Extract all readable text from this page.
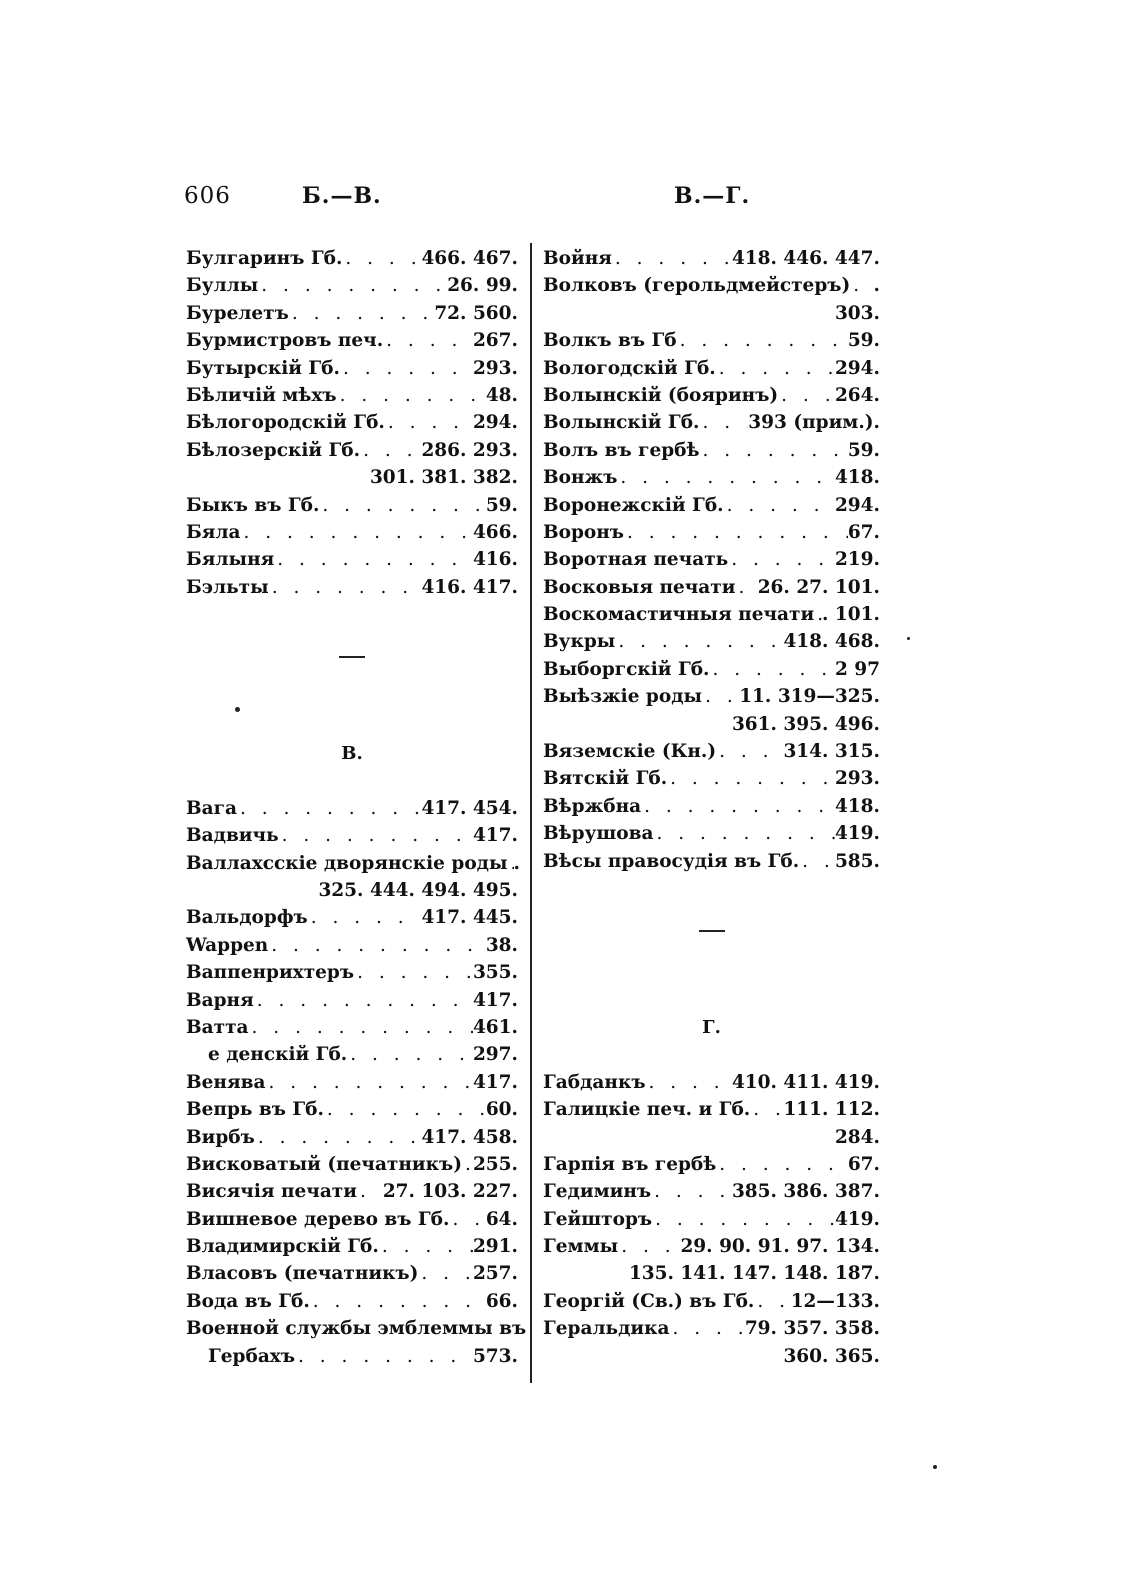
606	Б.—В.	В.—Г.
Булгаринъ Гб. . . .	466. 467.
Буллы . . .	26. 99.
Бурелетъ . . .	72. 560.
Бурмистровъ печ. . . .	267.
Бутырскій Гб. . . .	293.
Бѣличій мѣхъ . . .	48.
Бѣлогородскій Гб. . . .	294.
Бѣлозерскій Гб. . . .	286. 293.
301. 381. 382.
Быкъ въ Гб. . . .	59.
Бяла . . .	466.
Бялыня . . .	416.
Бэльты . . .	416. 417.
В.
Вага . . .	417. 454.
Вадвичь . . .	417.
Валлахсскіе дворянскіе роды . . . .
325. 444. 494. 495.
Вальдорфъ . . .	417. 445.
Wappen . . .	38.
Ваппенрихтеръ . . .	355.
Варня . . .	417.
Ватта . . .	461.
е денскій Гб. . . .	297.
Венява . . .	417.
Вепрь въ Гб. . . .	60.
Вирбъ . . .	417. 458.
Висковатый (печатникъ) . . . 255.
Висячія печати . . . 27. 103. 227.
Вишневое дерево въ Гб. . . . 64.
Владимирскій Гб. . . .	291.
Власовъ (печатникъ) . . .	257.
Вода въ Гб. . . .	66.
Военной службы эмблеммы въ
Гербахъ . . .	573.
Войня . . .	418. 446. 447.
Волковъ (герольдмейстеръ) . . . .
303.
Волкъ въ Гб . . .	59.
Вологодскій Гб. . . .	294.
Волынскій (бояринъ) . . .	264.
Волынскій Гб. . . .	393 (прим.).
Волъ въ гербѣ . . .	59.
Вонжъ . . .	418.
Воронежскій Гб. . . .	294.
Воронъ . . .	67.
Воротная печать . . .	219.
Восковыя печати . . . 26. 27. 101.
Воскомастичныя печати . . . . 101.
Вукры . . .	418. 468.
Выборгскій Гб. . . .	2 97
Выѣзжіе роды . . . 11. 319—325.
361. 395. 496.
Вяземскіе (Кн.) . . .	314. 315.
Вятскій Гб. . . .	293.
Вѣржбна . . .	418.
Вѣрушова . . .	419.
Вѣсы правосудія въ Гб. . . . 585.
Г.
Габданкъ . . .	410. 411. 419.
Галицкіе печ. и Гб. . . . 111. 112.
284.
Гарпія въ гербѣ . . .	67.
Гедиминъ . . .	385. 386. 387.
Гейшторъ . . .	419.
Геммы . . .	29. 90. 91. 97. 134.
135. 141. 147. 148. 187.
Георгій (Св.) въ Гб. . . . 12—133.
Геральдика . . .	79. 357. 358.
360. 365.
